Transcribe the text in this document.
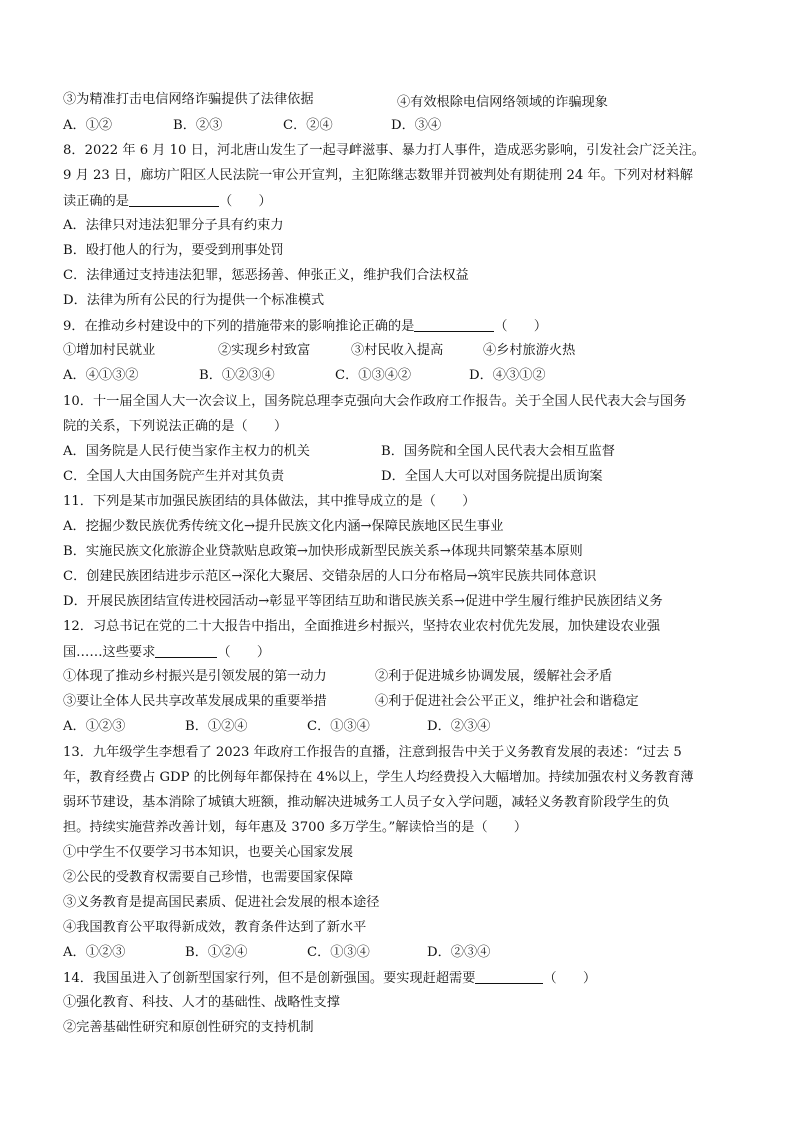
③为精准打击电信网络诈骗提供了法律依据	④有效根除电信网络领域的诈骗现象
A．①②	B．②③	C．②④	D．③④
8．2022 年 6 月 10 日，河北唐山发生了一起寻衅滋事、暴力打人事件，造成恶劣影响，引发社会广泛关注。
9 月 23 日，廊坊广阳区人民法院一审公开宣判，主犯陈继志数罪并罚被判处有期徒刑 24 年。下列对材料解
读正确的是	（　　）
A．法律只对违法犯罪分子具有约束力
B．殴打他人的行为，要受到刑事处罚
C．法律通过支持违法犯罪，惩恶扬善、伸张正义，维护我们合法权益
D．法律为所有公民的行为提供一个标准模式
9．在推动乡村建设中的下列的措施带来的影响推论正确的是	（　　）
①增加村民就业	②实现乡村致富	③村民收入提高	④乡村旅游火热
A．④①③②	B．①②③④	C．①③④②	D．④③①②
10．十一届全国人大一次会议上，国务院总理李克强向大会作政府工作报告。关于全国人民代表大会与国务
院的关系，下列说法正确的是（　　）
A．国务院是人民行使当家作主权力的机关	B．国务院和全国人民代表大会相互监督
C．全国人大由国务院产生并对其负责	D．全国人大可以对国务院提出质询案
11．下列是某市加强民族团结的具体做法，其中推导成立的是（　　）
A．挖掘少数民族优秀传统文化→提升民族文化内涵→保障民族地区民生事业
B．实施民族文化旅游企业贷款贴息政策→加快形成新型民族关系→体现共同繁荣基本原则
C．创建民族团结进步示范区→深化大聚居、交错杂居的人口分布格局→筑牢民族共同体意识
D．开展民族团结宣传进校园活动→彰显平等团结互助和谐民族关系→促进中学生履行维护民族团结义务
12．习总书记在党的二十大报告中指出，全面推进乡村振兴，坚持农业农村优先发展，加快建设农业强
国……这些要求	（　　）
①体现了推动乡村振兴是引领发展的第一动力	②利于促进城乡协调发展，缓解社会矛盾
③要让全体人民共享改革发展成果的重要举措	④利于促进社会公平正义，维护社会和谐稳定
A．①②③	B．①②④	C．①③④	D．②③④
13．九年级学生李想看了 2023 年政府工作报告的直播，注意到报告中关于义务教育发展的表述：“过去 5
年，教育经费占 GDP 的比例每年都保持在 4%以上，学生人均经费投入大幅增加。持续加强农村义务教育薄
弱环节建设，基本消除了城镇大班额，推动解决进城务工人员子女入学问题，减轻义务教育阶段学生的负
担。持续实施营养改善计划，每年惠及 3700 多万学生。”解读恰当的是（　　）
①中学生不仅要学习书本知识，也要关心国家发展
②公民的受教育权需要自己珍惜，也需要国家保障
③义务教育是提高国民素质、促进社会发展的根本途径
④我国教育公平取得新成效，教育条件达到了新水平
A．①②③	B．①②④	C．①③④	D．②③④
14．我国虽进入了创新型国家行列，但不是创新强国。要实现赶超需要	（　　）
①强化教育、科技、人才的基础性、战略性支撑
②完善基础性研究和原创性研究的支持机制
